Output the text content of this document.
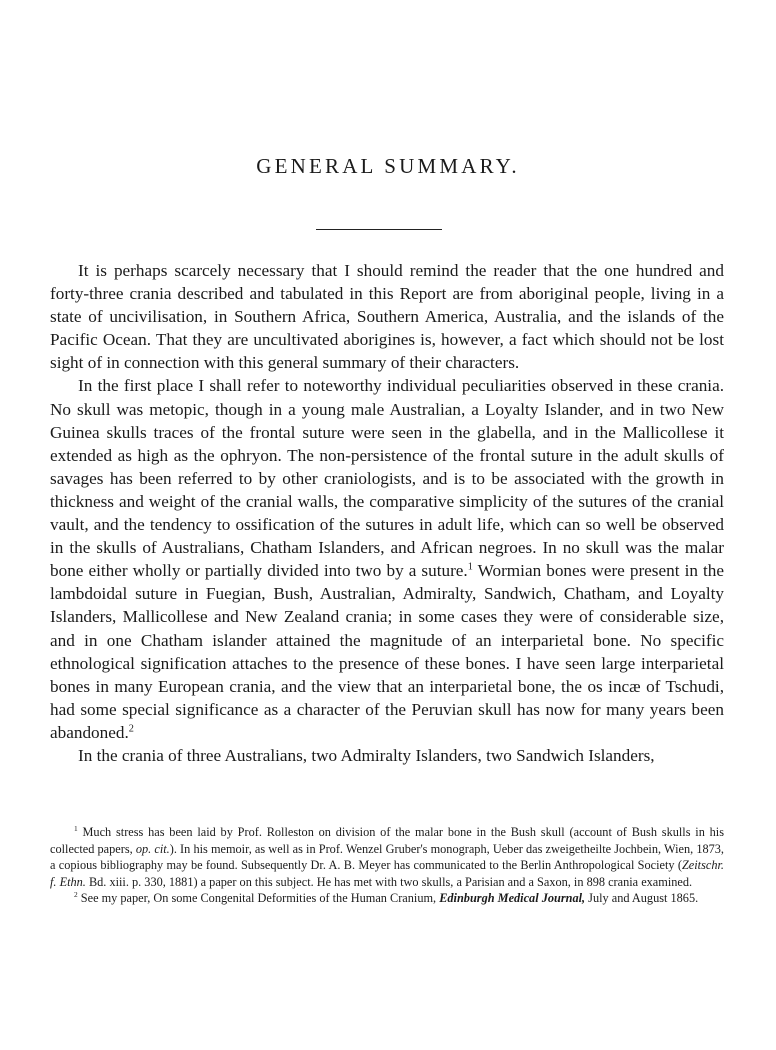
GENERAL SUMMARY.

It is perhaps scarcely necessary that I should remind the reader that the one hundred and forty-three crania described and tabulated in this Report are from aboriginal people, living in a state of uncivilisation, in Southern Africa, Southern America, Australia, and the islands of the Pacific Ocean. That they are uncultivated aborigines is, however, a fact which should not be lost sight of in connection with this general summary of their characters.

In the first place I shall refer to noteworthy individual peculiarities observed in these crania. No skull was metopic, though in a young male Australian, a Loyalty Islander, and in two New Guinea skulls traces of the frontal suture were seen in the glabella, and in the Mallicollese it extended as high as the ophryon. The non-persistence of the frontal suture in the adult skulls of savages has been referred to by other craniologists, and is to be associated with the growth in thickness and weight of the cranial walls, the comparative simplicity of the sutures of the cranial vault, and the tendency to ossification of the sutures in adult life, which can so well be observed in the skulls of Australians, Chatham Islanders, and African negroes. In no skull was the malar bone either wholly or partially divided into two by a suture.$^1$ Wormian bones were present in the lambdoidal suture in Fuegian, Bush, Australian, Admiralty, Sandwich, Chatham, and Loyalty Islanders, Mallicollese and New Zealand crania; in some cases they were of considerable size, and in one Chatham islander attained the magnitude of an interparietal bone. No specific ethnological signification attaches to the presence of these bones. I have seen large interparietal bones in many European crania, and the view that an interparietal bone, the os incæ of Tschudi, had some special significance as a character of the Peruvian skull has now for many years been abandoned.$^2$

In the crania of three Australians, two Admiralty Islanders, two Sandwich Islanders,

$^1$ Much stress has been laid by Prof. Rolleston on division of the malar bone in the Bush skull (account of Bush skulls in his collected papers, op. cit.). In his memoir, as well as in Prof. Wenzel Gruber's monograph, Ueber das zweigetheilte Jochbein, Wien, 1873, a copious bibliography may be found. Subsequently Dr. A. B. Meyer has communicated to the Berlin Anthropological Society (Zeitschr. f. Ethn. Bd. xiii. p. 330, 1881) a paper on this subject. He has met with two skulls, a Parisian and a Saxon, in 898 crania examined.

$^2$ See my paper, On some Congenital Deformities of the Human Cranium, Edinburgh Medical Journal, July and August 1865.
